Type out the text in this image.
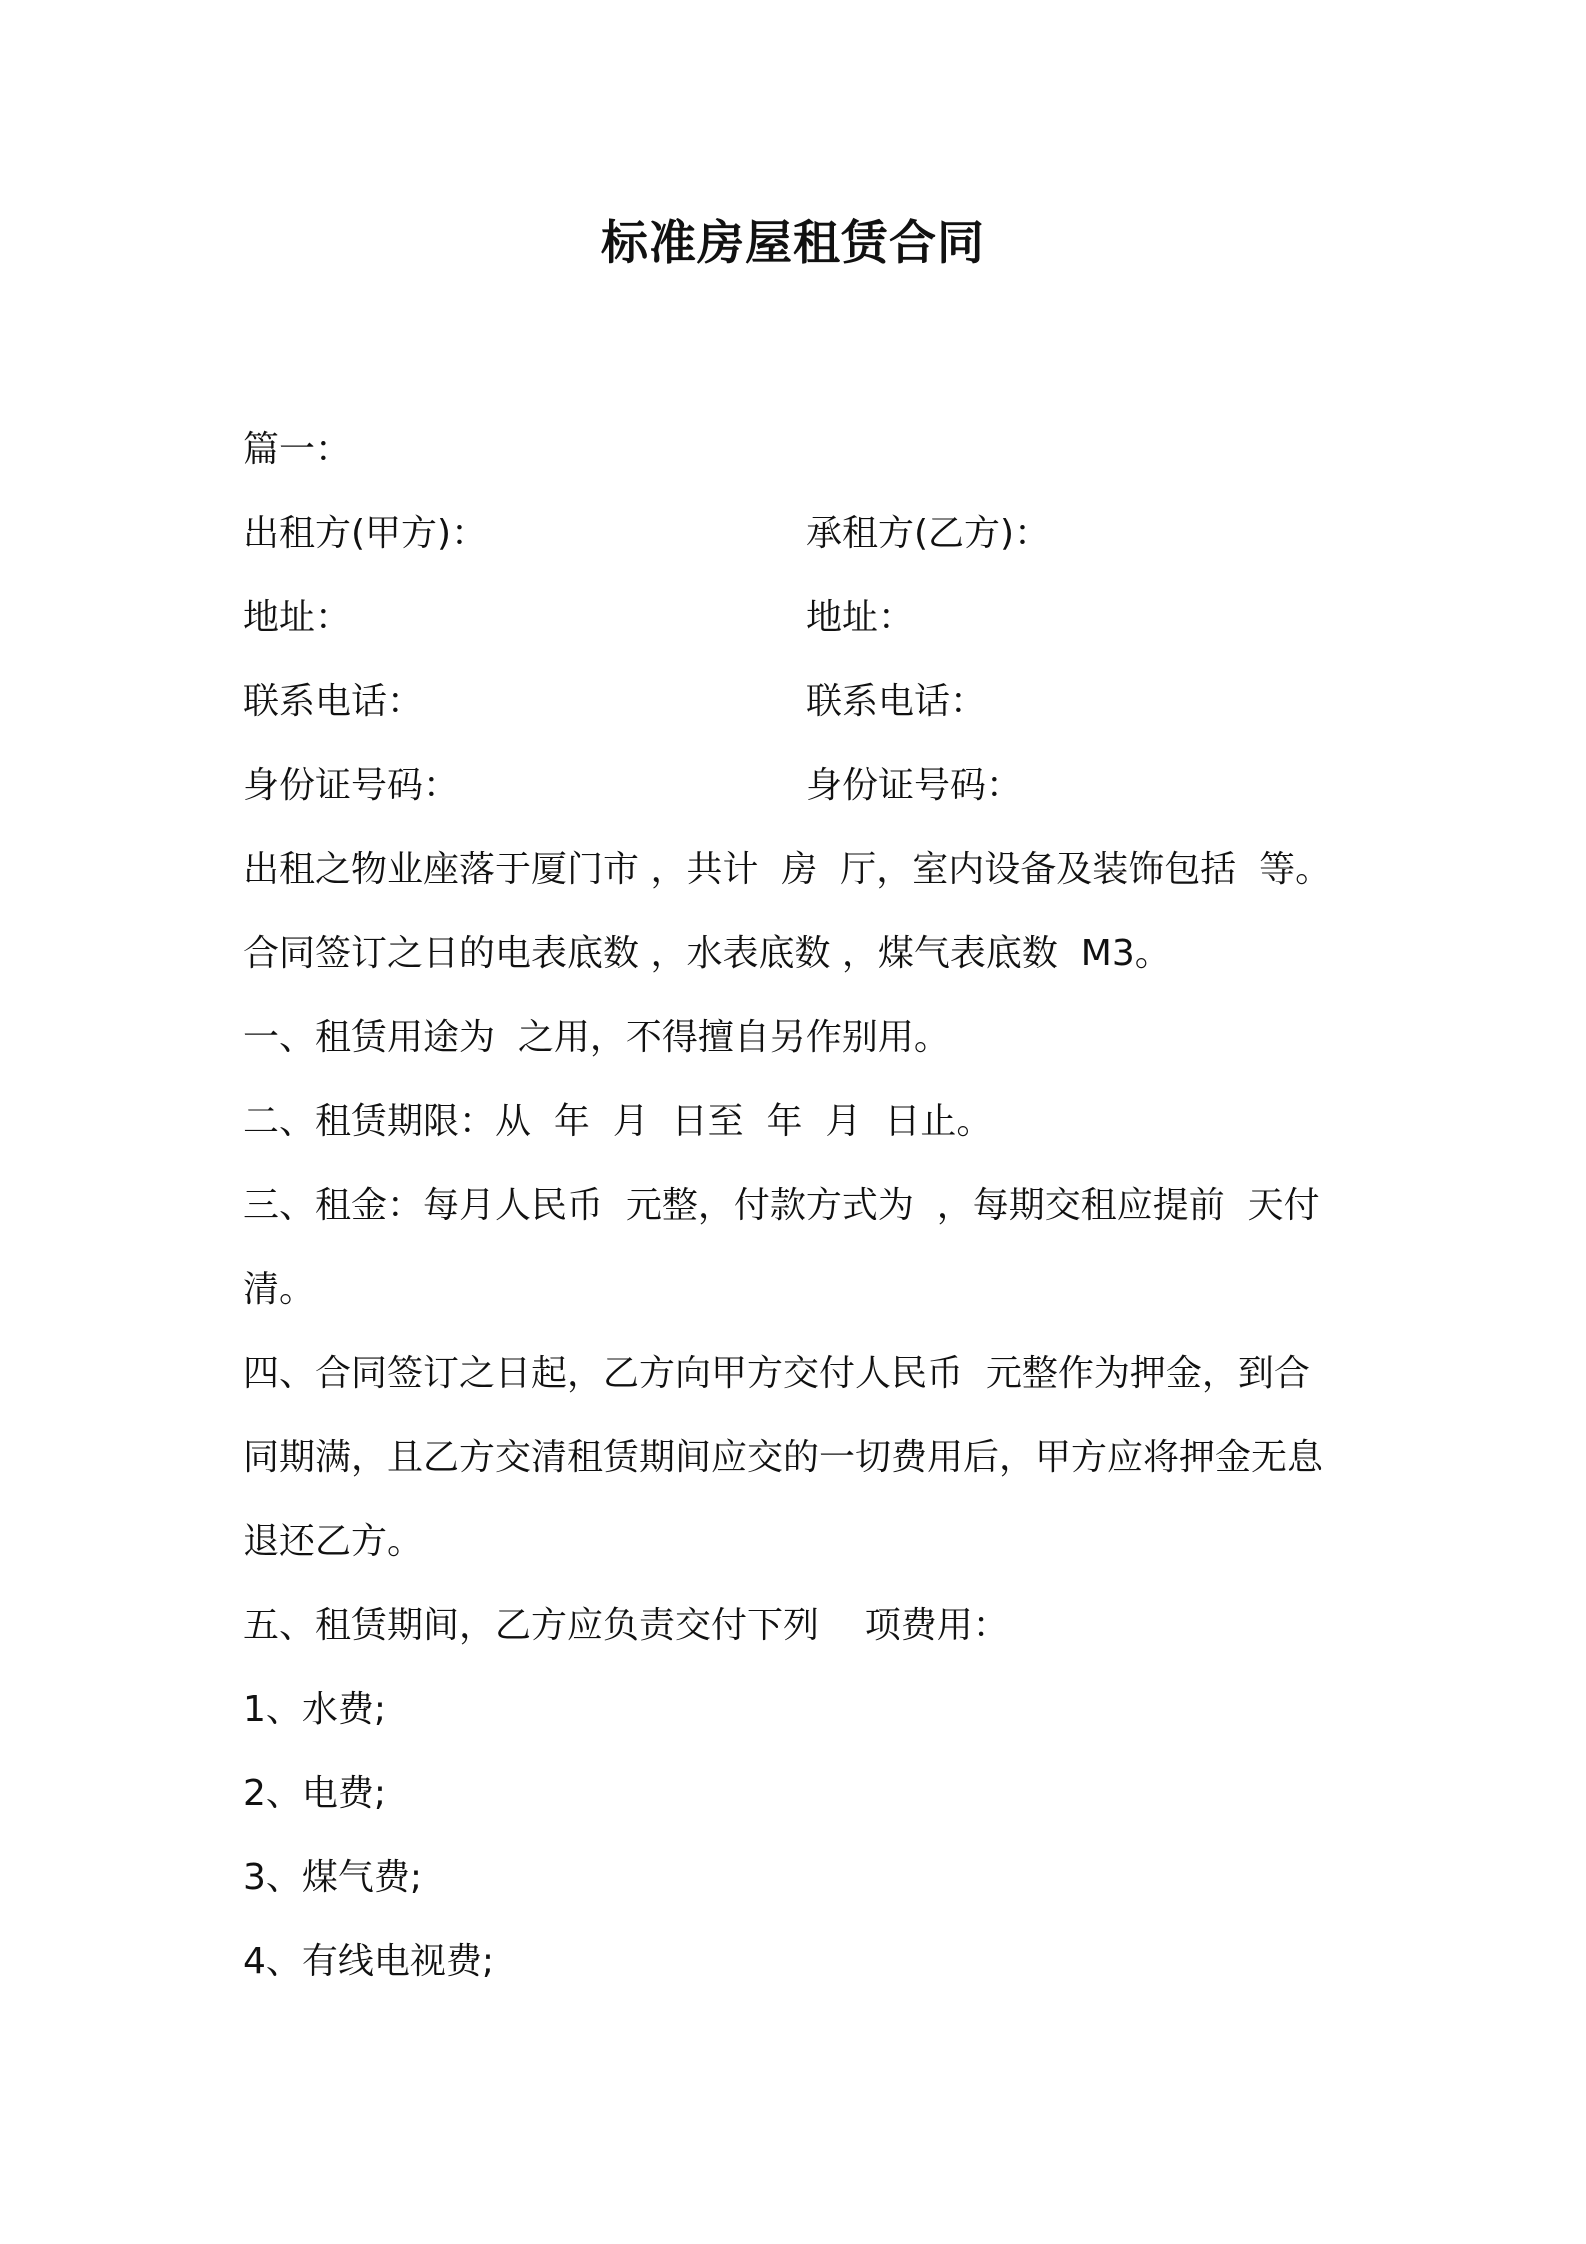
标准房屋租赁合同
篇一：
出租方(甲方)：	承租方(乙方)：
地址：	地址：
联系电话：	联系电话：
身份证号码：	身份证号码：
出租之物业座落于厦门市 ，共计  房  厅，室内设备及装饰包括  等。
合同签订之日的电表底数 ，水表底数 ，煤气表底数  M3。
一、租赁用途为  之用，不得擅自另作别用。
二、租赁期限：从  年  月  日至  年  月  日止。
三、租金：每月人民币  元整，付款方式为  ，每期交租应提前  天付
清。
四、合同签订之日起，乙方向甲方交付人民币  元整作为押金，到合
同期满，且乙方交清租赁期间应交的一切费用后，甲方应将押金无息
退还乙方。
五、租赁期间，乙方应负责交付下列    项费用：
1、水费;
2、电费;
3、煤气费;
4、有线电视费;
